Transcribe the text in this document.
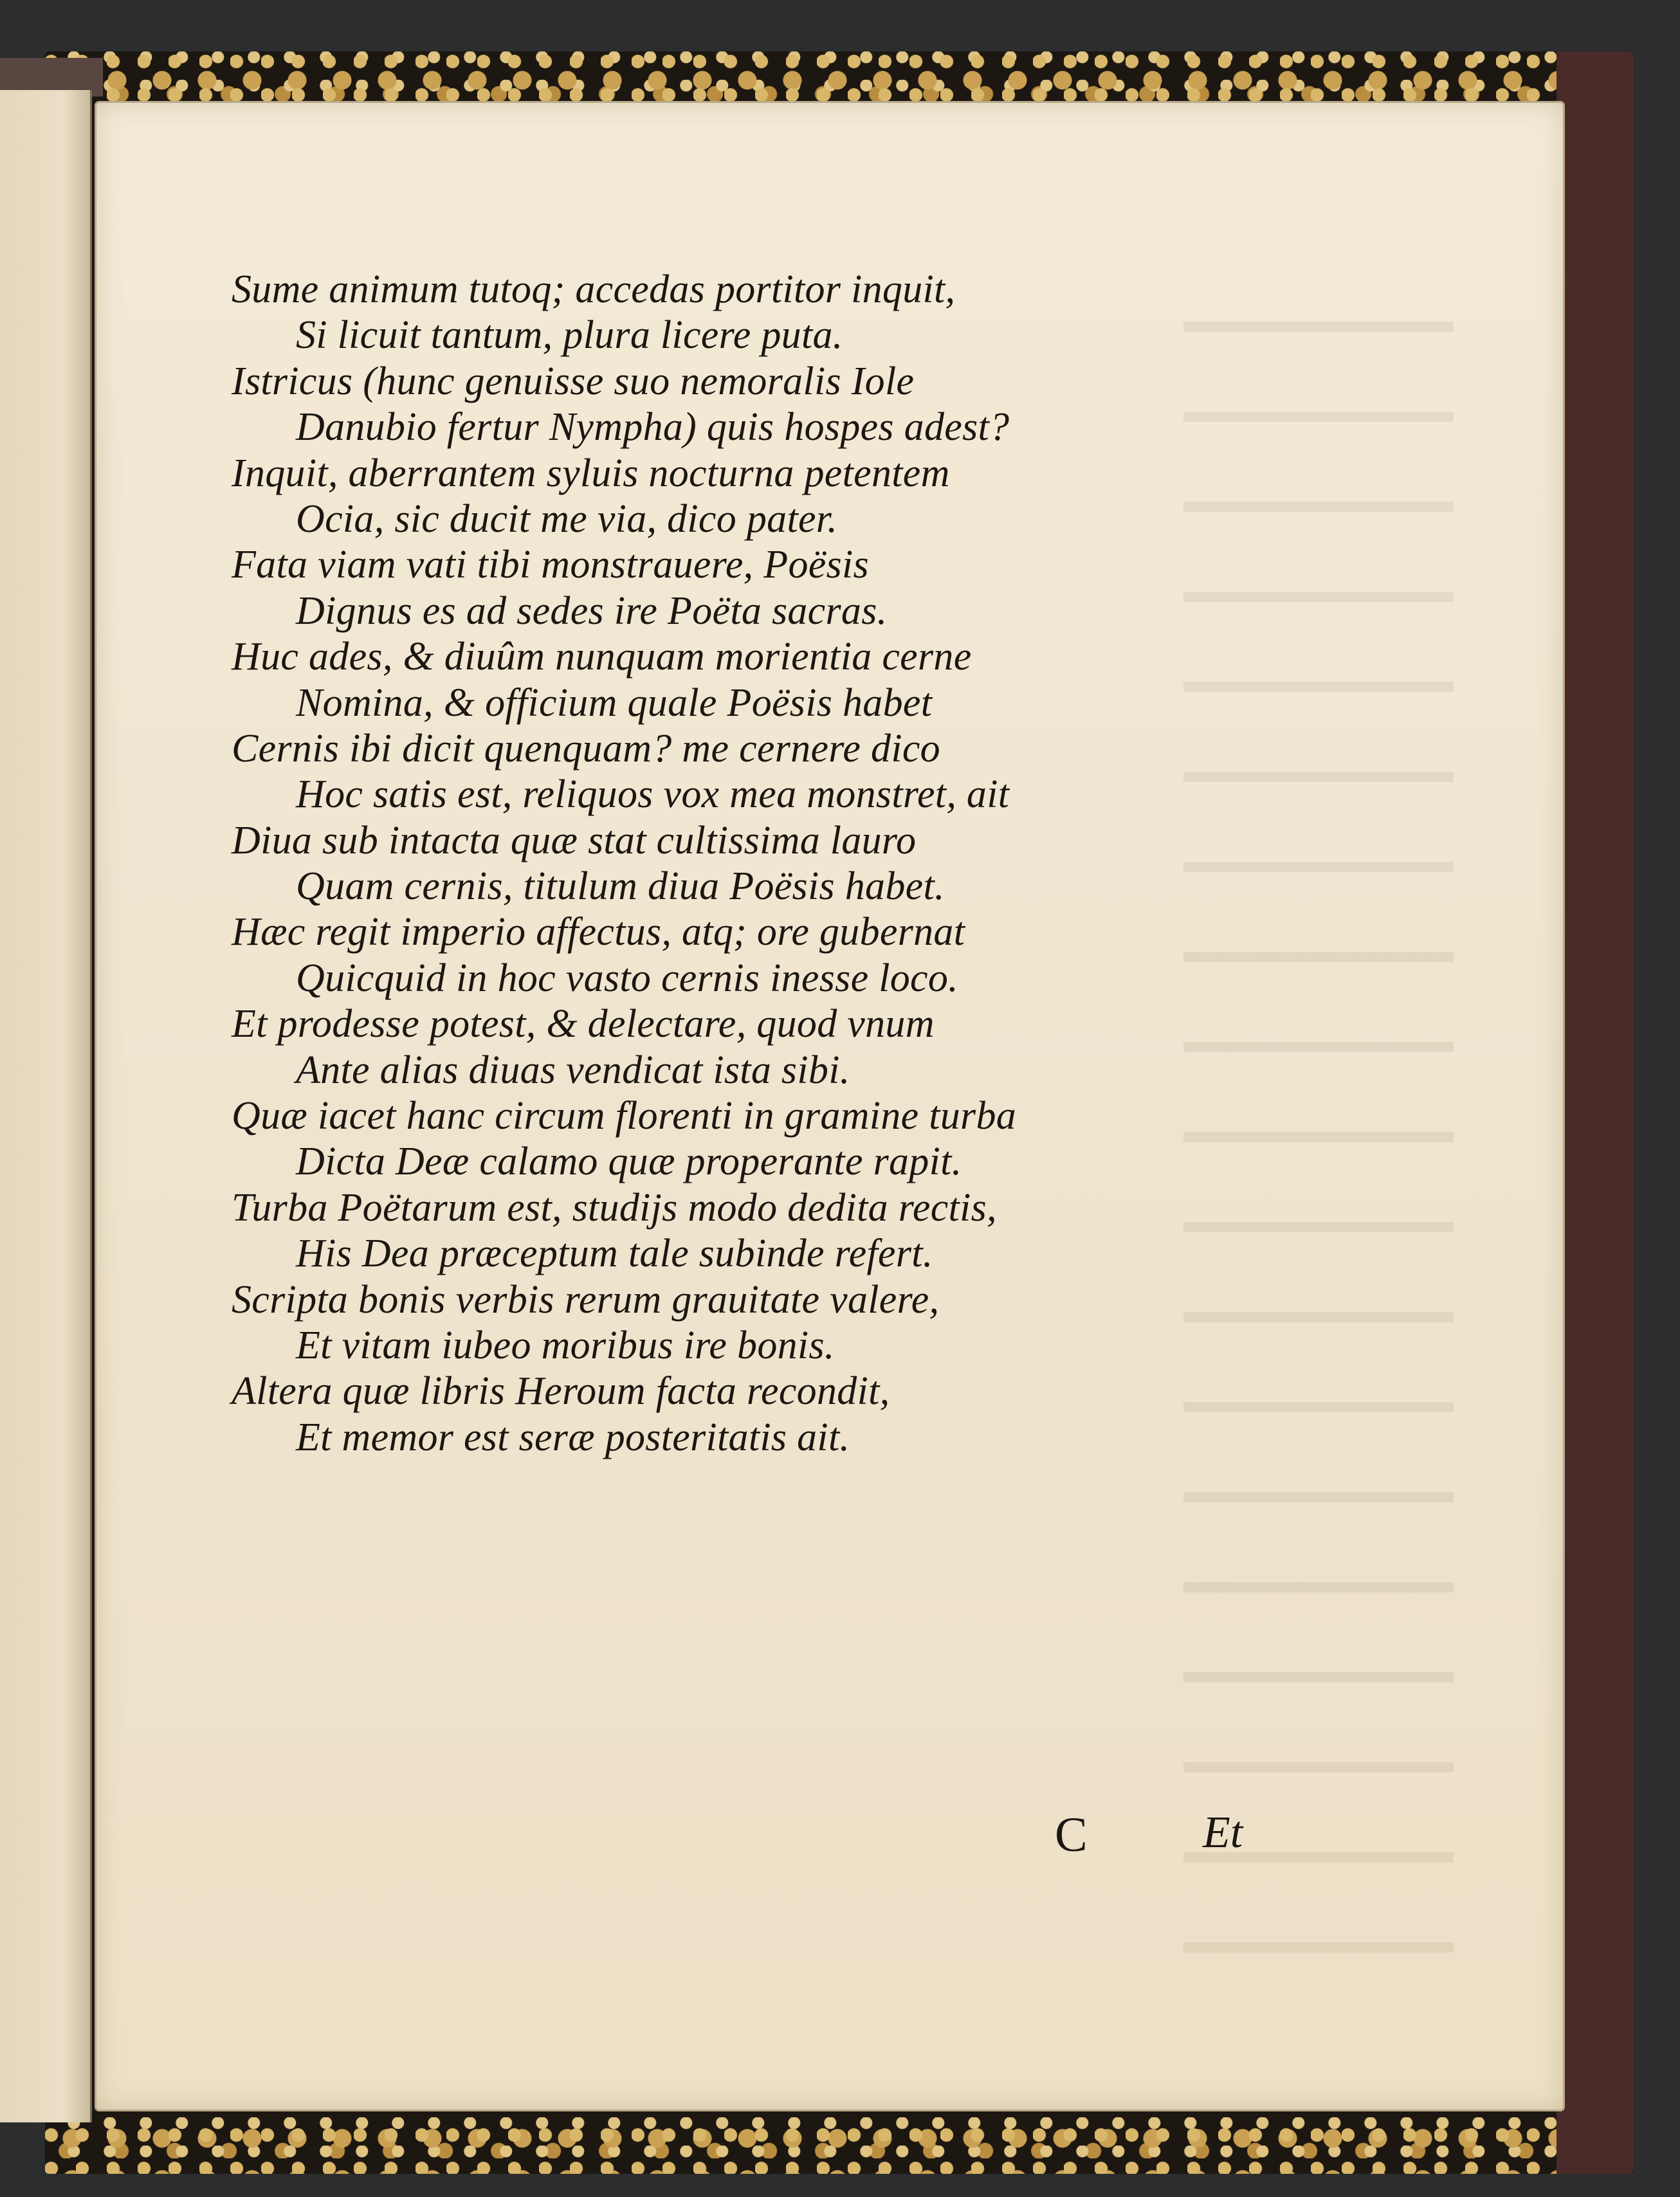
Sume animum tutoq; accedas portitor inquit,
Si licuit tantum, plura licere puta.
Istricus (hunc genuisse suo nemoralis Iole
Danubio fertur Nympha) quis hospes adest?
Inquit, aberrantem syluis nocturna petentem
Ocia, sic ducit me via, dico pater.
Fata viam vati tibi monstrauere, Poësis
Dignus es ad sedes ire Poëta sacras.
Huc ades, & diuûm nunquam morientia cerne
Nomina, & officium quale Poësis habet
Cernis ibi dicit quenquam? me cernere dico
Hoc satis est, reliquos vox mea monstret, ait
Diua sub intacta quæ stat cultissima lauro
Quam cernis, titulum diua Poësis habet.
Hæc regit imperio affectus, atq; ore gubernat
Quicquid in hoc vasto cernis inesse loco.
Et prodesse potest, & delectare, quod vnum
Ante alias diuas vendicat ista sibi.
Quæ iacet hanc circum florenti in gramine turba
Dicta Deæ calamo quæ properante rapit.
Turba Poëtarum est, studijs modo dedita rectis,
His Dea præceptum tale subinde refert.
Scripta bonis verbis rerum grauitate valere,
Et vitam iubeo moribus ire bonis.
Altera quæ libris Heroum facta recondit,
Et memor est seræ posteritatis ait.
C	Et
